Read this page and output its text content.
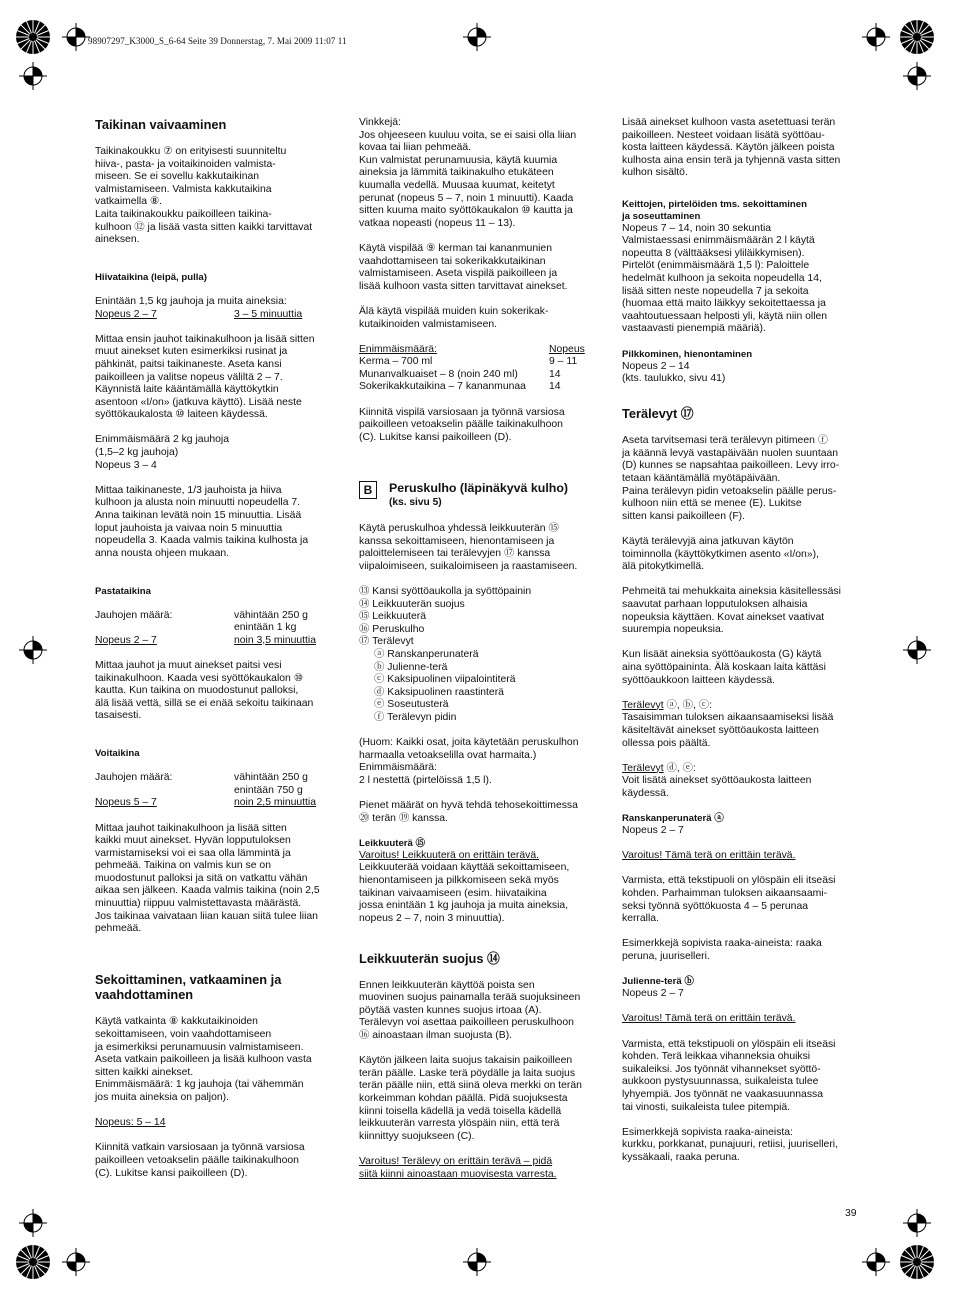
98907297_K3000_S_6-64 Seite 39 Donnerstag, 7. Mai 2009 11:07 11
Taikinan vaivaaminen

Taikinakoukku ⑦ on erityisesti suunniteltu
hiiva-, pasta- ja voitaikinoiden valmista-
miseen. Se ei sovellu kakkutaikinan
valmistamiseen. Valmista kakkutaikina
vatkaimella ⑧.
Laita taikinakoukku paikoilleen taikina-
kulhoon ⑫ ja lisää vasta sitten kaikki tarvittavat
aineksen.

Hiivataikina (leipä, pulla)

Enintään 1,5 kg jauhoja ja muita aineksia:

Nopeus 2 – 7	3 – 5 minuuttia

Mittaa ensin jauhot taikinakulhoon ja lisää sitten
muut ainekset kuten esimerkiksi rusinat ja
pähkinät, paitsi taikinaneste. Aseta kansi
paikoilleen ja valitse nopeus väliltä 2 – 7.
Käynnistä laite kääntämällä käyttökytkin
asentoon «I/on» (jatkuva käyttö). Lisää neste
syöttökaukalosta ⑩ laiteen käydessä.

Enimmäismäärä 2 kg jauhoja
(1,5–2 kg jauhoja)
Nopeus 3 – 4

Mittaa taikinaneste, 1/3 jauhoista ja hiiva
kulhoon ja alusta noin minuutti nopeudella 7.
Anna taikinan levätä noin 15 minuuttia. Lisää
loput jauhoista ja vaivaa noin 5 minuuttia
nopeudella 3. Kaada valmis taikina kulhosta ja
anna nousta ohjeen mukaan.

Pastataikina
Jauhojen määrä:	vähintään 250 g
enintään 1 kg
Nopeus 2 – 7	noin 3,5 minuuttia

Mittaa jauhot ja muut ainekset paitsi vesi
taikinakulhoon. Kaada vesi syöttökaukalon ⑩
kautta. Kun taikina on muodostunut palloksi,
älä lisää vettä, sillä se ei enää sekoitu taikinaan
tasaisesti.

Voitaikina
Jauhojen määrä:	vähintään 250 g
enintään 750 g
Nopeus 5 – 7	noin 2,5 minuuttia

Mittaa jauhot taikinakulhoon ja lisää sitten
kaikki muut ainekset. Hyvän lopputuloksen
varmistamiseksi voi ei saa olla lämmintä ja
pehmeää. Taikina on valmis kun se on
muodostunut palloksi ja sitä on vatkattu vähän
aikaa sen jälkeen. Kaada valmis taikina (noin 2,5
minuuttia) riippuu valmistettavasta määrästä.
Jos taikinaa vaivataan liian kauan siitä tulee liian
pehmeää.

Sekoittaminen, vatkaaminen ja
vaahdottaminen

Käytä vatkainta ⑧ kakkutaikinoiden
sekoittamiseen, voin vaahdottamiseen
ja esimerkiksi perunamuusin valmistamiseen.
Aseta vatkain paikoilleen ja lisää kulhoon vasta
sitten kaikki ainekset.
Enimmäismäärä: 1 kg jauhoja (tai vähemmän
jos muita aineksia on paljon).

Nopeus: 5 – 14

Kiinnitä vatkain varsiosaan ja työnnä varsiosa
paikoilleen vetoakselin päälle taikinakulhoon
(C). Lukitse kansi paikoilleen (D).

Vinkkejä:
Jos ohjeeseen kuuluu voita, se ei saisi olla liian
kovaa tai liian pehmeää.
Kun valmistat perunamuusia, käytä kuumia
aineksia ja lämmitä taikinakulho etukäteen
kuumalla vedellä. Muusaa kuumat, keitetyt
perunat (nopeus 5 – 7, noin 1 minuutti). Kaada
sitten kuuma maito syöttökaukalon ⑩ kautta ja
vatkaa nopeasti (nopeus 11 – 13).

Käytä vispilää ⑨ kerman tai kananmunien
vaahdottamiseen tai sokerikakkutaikinan
valmistamiseen. Aseta vispilä paikoilleen ja
lisää kulhoon vasta sitten tarvittavat ainekset.

Älä käytä vispilää muiden kuin sokerikak-
kutaikinoiden valmistamiseen.

Enimmäismäärä:	Nopeus
Kerma – 700 ml	9 – 11
Munanvalkuaiset – 8 (noin 240 ml)	14
Sokerikakkutaikina – 7 kananmunaa	14

Kiinnitä vispilä varsiosaan ja työnnä varsiosa
paikoilleen vetoakselin päälle taikinakulhoon
(C). Lukitse kansi paikoilleen (D).

B	Peruskulho (läpinäkyvä kulho)
(ks. sivu 5)

Käytä peruskulhoa yhdessä leikkuuterän ⑮
kanssa sekoittamiseen, hienontamiseen ja
paloittelemiseen tai terälevyjen ⑰ kanssa
viipaloimiseen, suikaloimiseen ja raastamiseen.

⑬ Kansi syöttöaukolla ja syöttöpainin
⑭ Leikkuuterän suojus
⑮ Leikkuuterä
⑯ Peruskulho
⑰ Terälevyt
ⓐ Ranskanperunaterä
ⓑ Julienne-terä
ⓒ Kaksipuolinen viipalointiterä
ⓓ Kaksipuolinen raastinterä
ⓔ Soseutusterä
ⓕ Terälevyn pidin

(Huom: Kaikki osat, joita käytetään peruskulhon
harmaalla vetoakselilla ovat harmaita.)
Enimmäismäärä:
2 l nestettä (pirtelöissä 1,5 l).

Pienet määrät on hyvä tehdä tehosekoittimessa
⑳ terän ⑲ kanssa.

Leikkuuterä ⑮

Varoitus! Leikkuuterä on erittäin terävä.

Leikkuuterää voidaan käyttää sekoittamiseen,
hienontamiseen ja pilkkomiseen sekä myös
taikinan vaivaamiseen (esim. hiivataikina
jossa enintään 1 kg jauhoja ja muita aineksia,
nopeus 2 – 7, noin 3 minuuttia).

Leikkuuterän suojus ⑭

Ennen leikkuuterän käyttöä poista sen
muovinen suojus painamalla terää suojuksineen
pöytää vasten kunnes suojus irtoaa (A).
Terälevyn voi asettaa paikoilleen peruskulhoon
⑯ ainoastaan ilman suojusta (B).

Käytön jälkeen laita suojus takaisin paikoilleen
terän päälle. Laske terä pöydälle ja laita suojus
terän päälle niin, että siinä oleva merkki on terän
korkeimman kohdan päällä. Pidä suojuksesta
kiinni toisella kädellä ja vedä toisella kädellä
leikkuuterän varresta ylöspäin niin, että terä
kiinnittyy suojukseen (C).

Varoitus! Terälevy on erittäin terävä – pidä
siitä kiinni ainoastaan muovisesta varresta.

Lisää ainekset kulhoon vasta asetettuasi terän
paikoilleen. Nesteet voidaan lisätä syöttöau-
kosta laitteen käydessä. Käytön jälkeen poista
kulhosta aina ensin terä ja tyhjennä vasta sitten
kulhon sisältö.

Keittojen, pirtelöiden tms. sekoittaminen
ja soseuttaminen

Nopeus 7 – 14, noin 30 sekuntia
Valmistaessasi enimmäismäärän 2 l käytä
nopeutta 8 (välttääksesi yliläikkymisen).
Pirtelöt (enimmäismäärä 1,5 l): Paloittele
hedelmät kulhoon ja sekoita nopeudella 14,
lisää sitten neste nopeudella 7 ja sekoita
(huomaa että maito läikkyy sekoitettaessa ja
vaahtoutuessaan helposti yli, käytä niin ollen
vastaavasti pienempiä määriä).

Pilkkominen, hienontaminen

Nopeus 2 – 14
(kts. taulukko, sivu 41)

Terälevyt ⑰

Aseta tarvitsemasi terä terälevyn pitimeen ⓕ
ja käännä levyä vastapäivään nuolen suuntaan
(D) kunnes se napsahtaa paikoilleen. Levy irro-
tetaan kääntämällä myötäpäivään.
Paina terälevyn pidin vetoakselin päälle perus-
kulhoon niin että se menee (E). Lukitse
sitten kansi paikoilleen (F).

Käytä terälevyjä aina jatkuvan käytön
toiminnolla (käyttökytkimen asento «I/on»),
älä pitokytkimellä.

Pehmeitä tai mehukkaita aineksia käsitellessäsi
saavutat parhaan lopputuloksen alhaisia
nopeuksia käyttäen. Kovat ainekset vaativat
suurempia nopeuksia.

Kun lisäät aineksia syöttöaukosta (G) käytä
aina syöttöpaininta. Älä koskaan laita kättäsi
syöttöaukkoon laitteen käydessä.

Terälevyt ⓐ, ⓑ, ⓒ:

Tasaisimman tuloksen aikaansaamiseksi lisää
käsiteltävät ainekset syöttöaukosta laitteen
ollessa pois päältä.

Terälevyt ⓓ, ⓔ:

Voit lisätä ainekset syöttöaukosta laitteen
käydessä.

Ranskanperunaterä ⓐ

Nopeus 2 – 7

Varoitus! Tämä terä on erittäin terävä.

Varmista, että tekstipuoli on ylöspäin eli itseäsi
kohden. Parhaimman tuloksen aikaansaami-
seksi työnnä syöttökuosta 4 – 5 perunaa
kerralla.

Esimerkkejä sopivista raaka-aineista: raaka
peruna, juuriselleri.

Julienne-terä ⓑ

Nopeus 2 – 7

Varoitus! Tämä terä on erittäin terävä.

Varmista, että tekstipuoli on ylöspäin eli itseäsi
kohden. Terä leikkaa vihanneksia ohuiksi
suikaleiksi. Jos työnnät vihannekset syöttö-
aukkoon pystysuunnassa, suikaleista tulee
lyhyempiä. Jos työnnät ne vaakasuunnassa
tai vinosti, suikaleista tulee pitempiä.

Esimerkkejä sopivista raaka-aineista:
kurkku, porkkanat, punajuuri, retiisi, juuriselleri,
kyssäkaali, raaka peruna.

39
